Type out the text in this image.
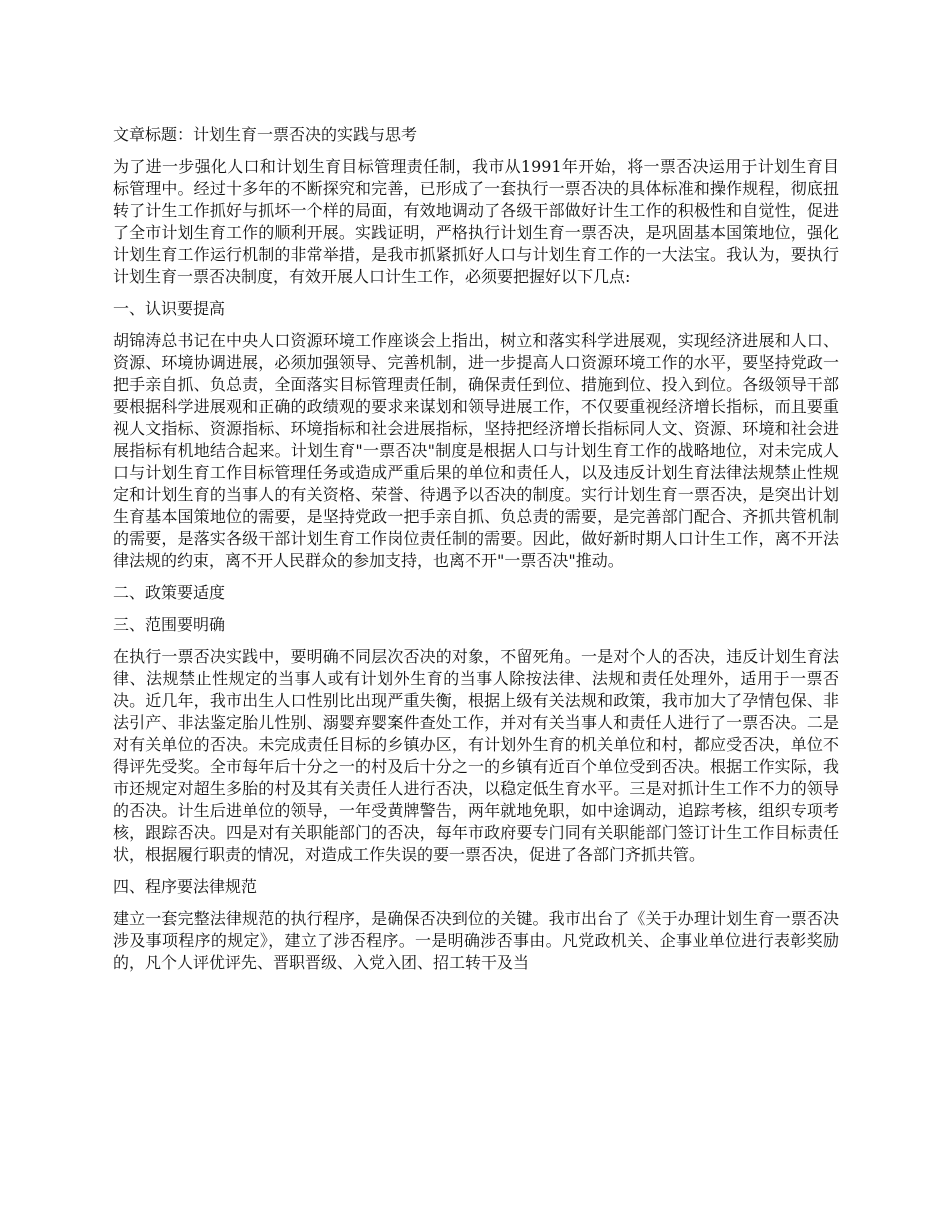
文章标题：计划生育一票否决的实践与思考

为了进一步强化人口和计划生育目标管理责任制，我市从1991年开始，将一票否决运用于计划生育目标管理中。经过十多年的不断探究和完善，已形成了一套执行一票否决的具体标准和操作规程，彻底扭转了计生工作抓好与抓坏一个样的局面，有效地调动了各级干部做好计生工作的积极性和自觉性，促进了全市计划生育工作的顺利开展。实践证明，严格执行计划生育一票否决，是巩固基本国策地位，强化计划生育工作运行机制的非常举措，是我市抓紧抓好人口与计划生育工作的一大法宝。我认为，要执行计划生育一票否决制度，有效开展人口计生工作，必须要把握好以下几点:

一、认识要提高

胡锦涛总书记在中央人口资源环境工作座谈会上指出，树立和落实科学进展观，实现经济进展和人口、资源、环境协调进展，必须加强领导、完善机制，进一步提高人口资源环境工作的水平，要坚持党政一把手亲自抓、负总责，全面落实目标管理责任制，确保责任到位、措施到位、投入到位。各级领导干部要根据科学进展观和正确的政绩观的要求来谋划和领导进展工作，不仅要重视经济增长指标，而且要重视人文指标、资源指标、环境指标和社会进展指标，坚持把经济增长指标同人文、资源、环境和社会进展指标有机地结合起来。计划生育"一票否决"制度是根据人口与计划生育工作的战略地位，对未完成人口与计划生育工作目标管理任务或造成严重后果的单位和责任人，以及违反计划生育法律法规禁止性规定和计划生育的当事人的有关资格、荣誉、待遇予以否决的制度。实行计划生育一票否决，是突出计划生育基本国策地位的需要，是坚持党政一把手亲自抓、负总责的需要，是完善部门配合、齐抓共管机制的需要，是落实各级干部计划生育工作岗位责任制的需要。因此，做好新时期人口计生工作，离不开法律法规的约束，离不开人民群众的参加支持，也离不开"一票否决"推动。

二、政策要适度

三、范围要明确

在执行一票否决实践中，要明确不同层次否决的对象，不留死角。一是对个人的否决，违反计划生育法律、法规禁止性规定的当事人或有计划外生育的当事人除按法律、法规和责任处理外，适用于一票否决。近几年，我市出生人口性别比出现严重失衡，根据上级有关法规和政策，我市加大了孕情包保、非法引产、非法鉴定胎儿性别、溺婴弃婴案件查处工作，并对有关当事人和责任人进行了一票否决。二是对有关单位的否决。未完成责任目标的乡镇办区，有计划外生育的机关单位和村，都应受否决，单位不得评先受奖。全市每年后十分之一的村及后十分之一的乡镇有近百个单位受到否决。根据工作实际，我市还规定对超生多胎的村及其有关责任人进行否决，以稳定低生育水平。三是对抓计生工作不力的领导的否决。计生后进单位的领导，一年受黄牌警告，两年就地免职，如中途调动，追踪考核，组织专项考核，跟踪否决。四是对有关职能部门的否决，每年市政府要专门同有关职能部门签订计生工作目标责任状，根据履行职责的情况，对造成工作失误的要一票否决，促进了各部门齐抓共管。

四、程序要法律规范

建立一套完整法律规范的执行程序，是确保否决到位的关键。我市出台了《关于办理计划生育一票否决涉及事项程序的规定》，建立了涉否程序。一是明确涉否事由。凡党政机关、企事业单位进行表彰奖励的，凡个人评优评先、晋职晋级、入党入团、招工转干及当
